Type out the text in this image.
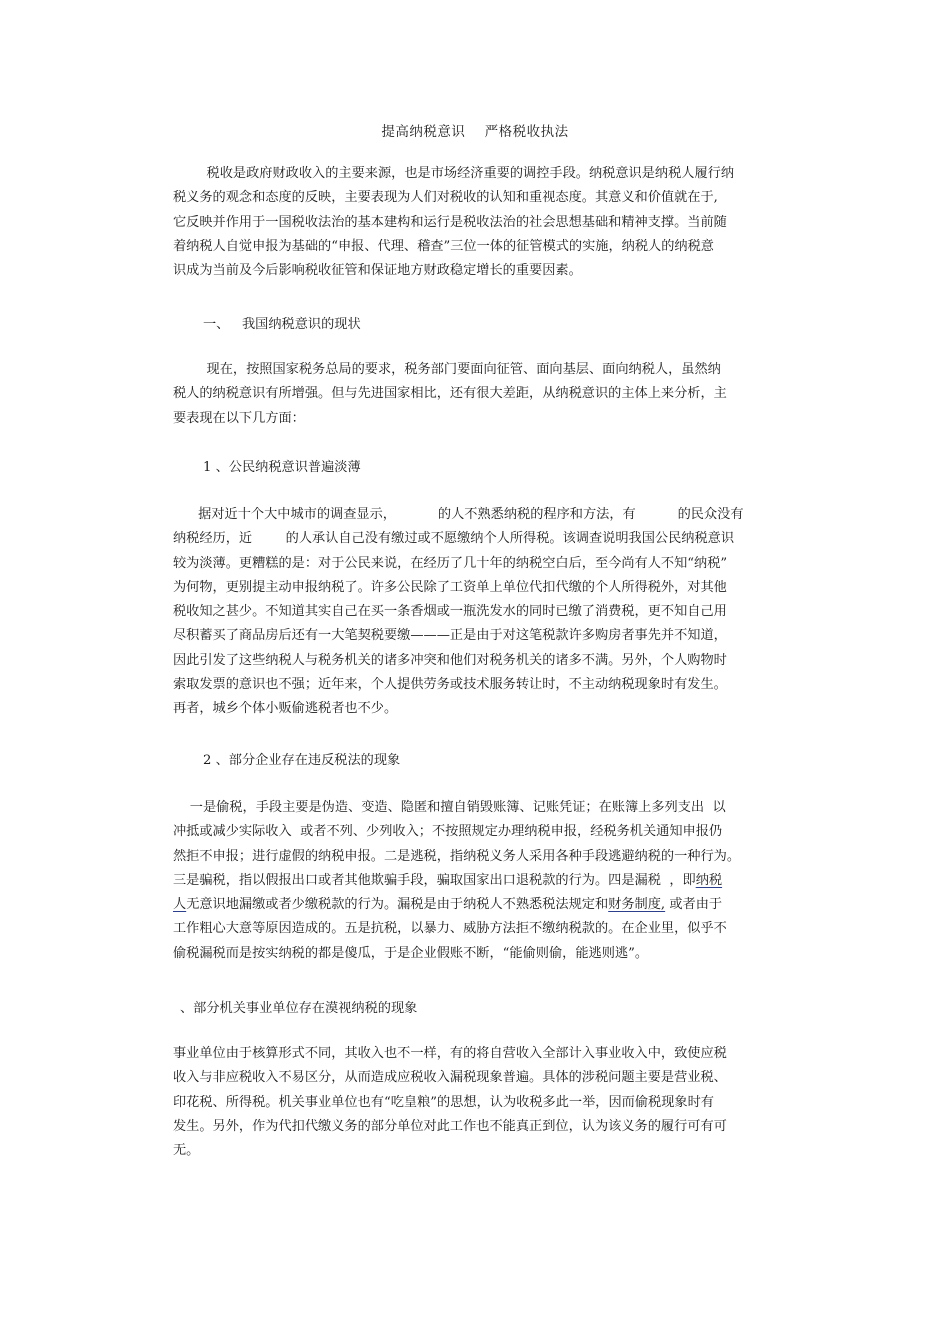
提高纳税意识    严格税收执法
税收是政府财政收入的主要来源，也是市场经济重要的调控手段。纳税意识是纳税人履行纳
税义务的观念和态度的反映，主要表现为人们对税收的认知和重视态度。其意义和价值就在于,
它反映并作用于一国税收法治的基本建构和运行是税收法治的社会思想基础和精神支撑。当前随
着纳税人自觉申报为基础的“申报、代理、稽查”三位一体的征管模式的实施，纳税人的纳税意
识成为当前及今后影响税收征管和保证地方财政稳定增长的重要因素。
一、   我国纳税意识的现状
现在，按照国家税务总局的要求，税务部门要面向征管、面向基层、面向纳税人，虽然纳
税人的纳税意识有所增强。但与先进国家相比，还有很大差距，从纳税意识的主体上来分析，主
要表现在以下几方面：
1 、公民纳税意识普遍淡薄
据对近十个大中城市的调查显示，          的人不熟悉纳税的程序和方法，有          的民众没有
纳税经历，近        的人承认自己没有缴过或不愿缴纳个人所得税。该调查说明我国公民纳税意识
较为淡薄。更糟糕的是：对于公民来说，在经历了几十年的纳税空白后，至今尚有人不知“纳税”
为何物，更别提主动申报纳税了。许多公民除了工资单上单位代扣代缴的个人所得税外，对其他
税收知之甚少。不知道其实自己在买一条香烟或一瓶洗发水的同时已缴了消费税，更不知自己用
尽积蓄买了商品房后还有一大笔契税要缴———正是由于对这笔税款许多购房者事先并不知道，
因此引发了这些纳税人与税务机关的诸多冲突和他们对税务机关的诸多不满。另外，个人购物时
索取发票的意识也不强；近年来，个人提供劳务或技术服务转让时，不主动纳税现象时有发生。
再者，城乡个体小贩偷逃税者也不少。
2 、部分企业存在违反税法的现象
一是偷税，手段主要是伪造、变造、隐匿和擅自销毁账簿、记账凭证；在账簿上多列支出  以
冲抵或减少实际收入  或者不列、少列收入；不按照规定办理纳税申报，经税务机关通知申报仍
然拒不申报；进行虚假的纳税申报。二是逃税，指纳税义务人采用各种手段逃避纳税的一种行为。
三是骗税，指以假报出口或者其他欺骗手段，骗取国家出口退税款的行为。四是漏税  ，即纳税
人无意识地漏缴或者少缴税款的行为。漏税是由于纳税人不熟悉税法规定和财务制度, 或者由于
工作粗心大意等原因造成的。五是抗税，以暴力、威胁方法拒不缴纳税款的。在企业里，似乎不
偷税漏税而是按实纳税的都是傻瓜，于是企业假账不断，“能偷则偷，能逃则逃”。
、部分机关事业单位存在漠视纳税的现象
事业单位由于核算形式不同，其收入也不一样，有的将自营收入全部计入事业收入中，致使应税
收入与非应税收入不易区分，从而造成应税收入漏税现象普遍。具体的涉税问题主要是营业税、
印花税、所得税。机关事业单位也有“吃皇粮”的思想，认为收税多此一举，因而偷税现象时有
发生。另外，作为代扣代缴义务的部分单位对此工作也不能真正到位，认为该义务的履行可有可
无。
